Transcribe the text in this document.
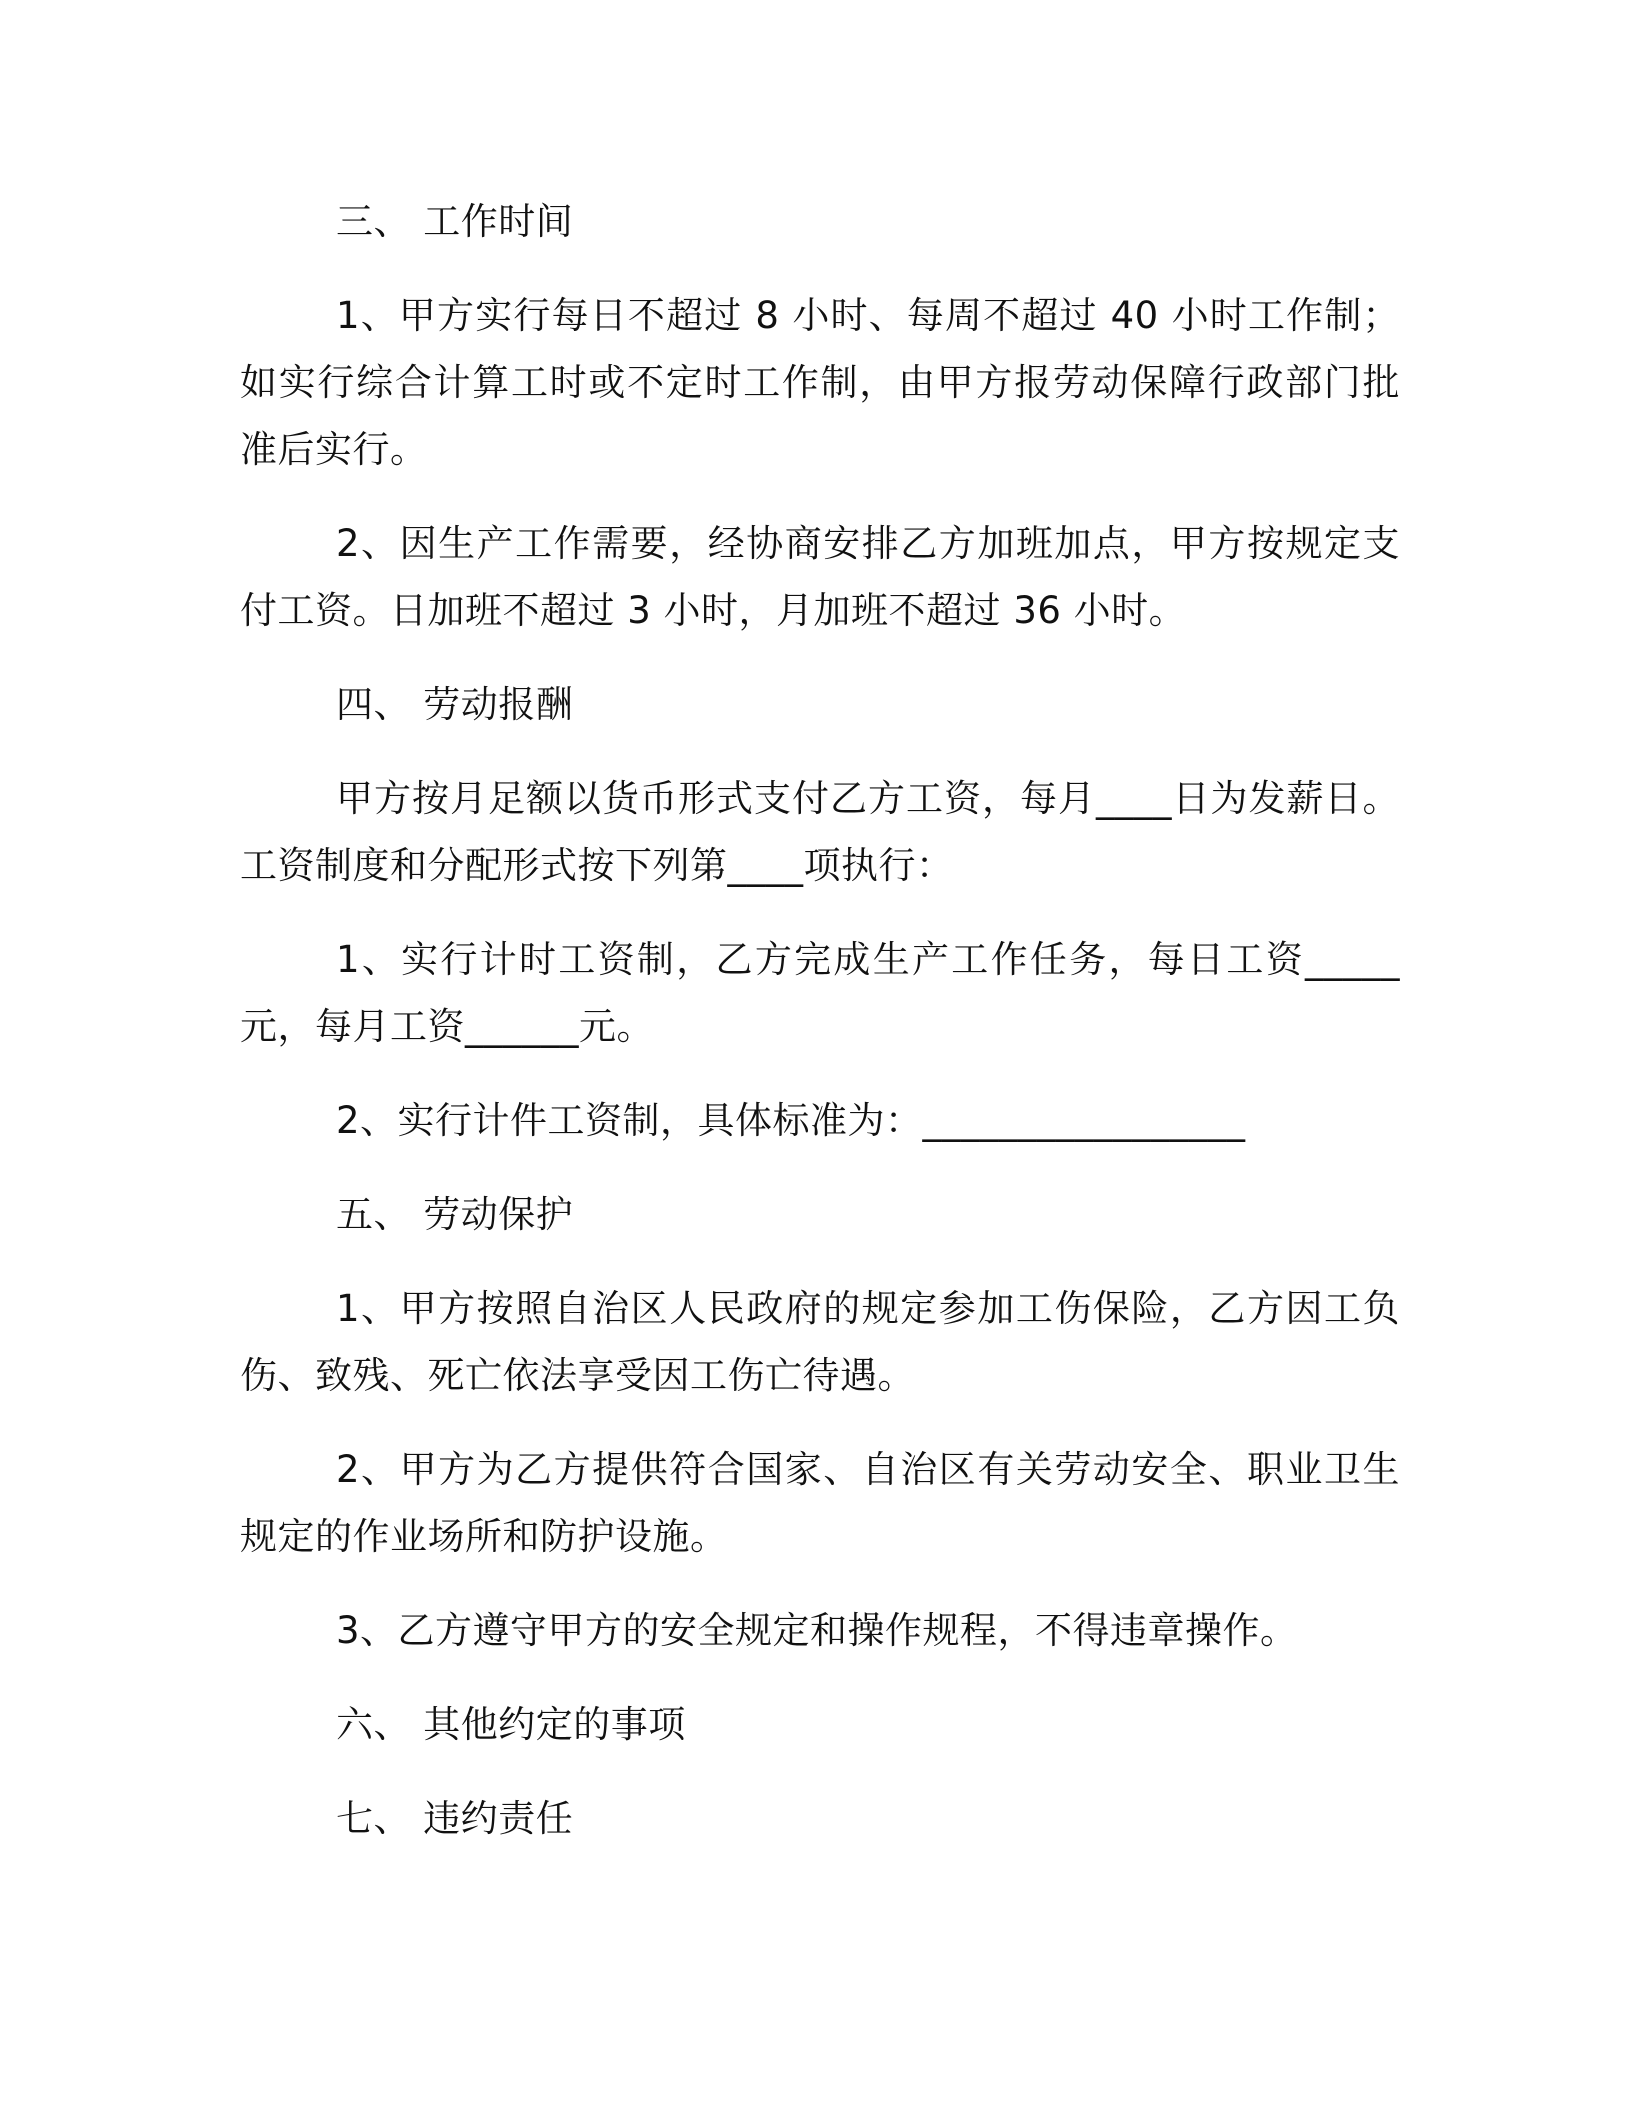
三、 工作时间

1、甲方实行每日不超过 8 小时、每周不超过 40 小时工作制；如实行综合计算工时或不定时工作制，由甲方报劳动保障行政部门批准后实行。

2、因生产工作需要，经协商安排乙方加班加点，甲方按规定支付工资。日加班不超过 3 小时，月加班不超过 36 小时。

四、 劳动报酬

甲方按月足额以货币形式支付乙方工资，每月____日为发薪日。工资制度和分配形式按下列第____项执行：

1、实行计时工资制，乙方完成生产工作任务，每日工资_____元，每月工资______元。

2、实行计件工资制，具体标准为：_________________

五、 劳动保护

1、甲方按照自治区人民政府的规定参加工伤保险，乙方因工负伤、致残、死亡依法享受因工伤亡待遇。

2、甲方为乙方提供符合国家、自治区有关劳动安全、职业卫生规定的作业场所和防护设施。

3、乙方遵守甲方的安全规定和操作规程，不得违章操作。

六、 其他约定的事项

七、 违约责任
